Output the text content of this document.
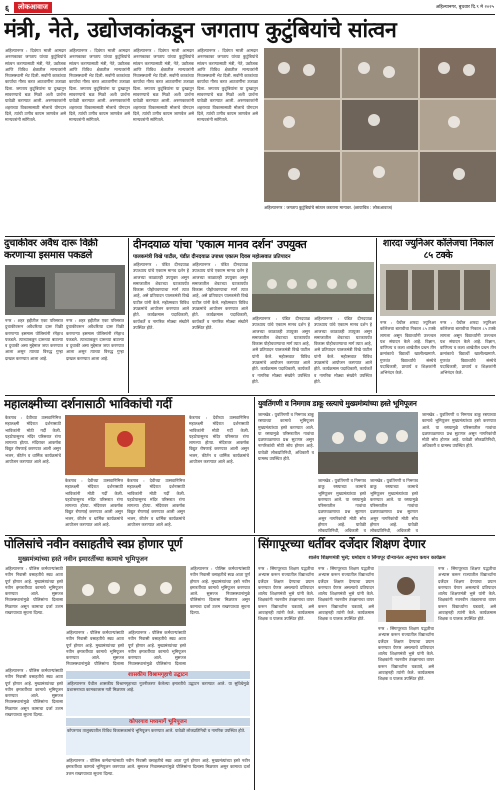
६	लोकआवाज	अहिल्यानगर, बुधवार दि.९ मे २०२५
मंत्री, नेते, उद्योजकांकडून जगताप कुटुंबियांचे सांत्वन

अहिल्यानगर : दिवंगत माजी आमदार अरुणकाका जगताप यांच्या कुटुंबियांचे सांत्वन करण्यासाठी मंत्री, नेते, उद्योजक आणि विविध क्षेत्रातील मान्यवरांनी निवासस्थानी भेट दिली. सर्वांनी काकांच्या कार्याचा गौरव करत आठवणींना उजाळा दिला. जगताप कुटुंबियांना या दुःखातून सावरण्याचे बळ मिळो अशी प्रार्थना यावेळी करण्यात आली. अरुणकाकांनी शहराच्या विकासासाठी मोलाचे योगदान दिले, त्यांची उणीव कायम जाणवेल असे मान्यवरांनी सांगितले.

अहिल्यानगर : दिवंगत माजी आमदार अरुणकाका जगताप यांच्या कुटुंबियांचे सांत्वन करण्यासाठी मंत्री, नेते, उद्योजक आणि विविध क्षेत्रातील मान्यवरांनी निवासस्थानी भेट दिली. सर्वांनी काकांच्या कार्याचा गौरव करत आठवणींना उजाळा दिला. जगताप कुटुंबियांना या दुःखातून सावरण्याचे बळ मिळो अशी प्रार्थना यावेळी करण्यात आली. अरुणकाकांनी शहराच्या विकासासाठी मोलाचे योगदान दिले, त्यांची उणीव कायम जाणवेल असे मान्यवरांनी सांगितले.

अहिल्यानगर : दिवंगत माजी आमदार अरुणकाका जगताप यांच्या कुटुंबियांचे सांत्वन करण्यासाठी मंत्री, नेते, उद्योजक आणि विविध क्षेत्रातील मान्यवरांनी निवासस्थानी भेट दिली. सर्वांनी काकांच्या कार्याचा गौरव करत आठवणींना उजाळा दिला. जगताप कुटुंबियांना या दुःखातून सावरण्याचे बळ मिळो अशी प्रार्थना यावेळी करण्यात आली. अरुणकाकांनी शहराच्या विकासासाठी मोलाचे योगदान दिले, त्यांची उणीव कायम जाणवेल असे मान्यवरांनी सांगितले.

अहिल्यानगर : दिवंगत माजी आमदार अरुणकाका जगताप यांच्या कुटुंबियांचे सांत्वन करण्यासाठी मंत्री, नेते, उद्योजक आणि विविध क्षेत्रातील मान्यवरांनी निवासस्थानी भेट दिली. सर्वांनी काकांच्या कार्याचा गौरव करत आठवणींना उजाळा दिला. जगताप कुटुंबियांना या दुःखातून सावरण्याचे बळ मिळो अशी प्रार्थना यावेळी करण्यात आली. अरुणकाकांनी शहराच्या विकासासाठी मोलाचे योगदान दिले, त्यांची उणीव कायम जाणवेल असे मान्यवरांनी सांगितले.

अहिल्यानगर : जगताप कुटुंबियांचे सांत्वन करताना मान्यवर. (छायाचित्र : लोकआवाज)
दुचाकीवर अवैध दारू विक्री करणाऱ्या इसमास पकडले

नगर : शहर हद्दीतील एका परिसरात दुचाकीवरून अवैधरित्या दारू विक्री करणाऱ्या इसमास पोलिसांनी रंगेहाथ पकडले. त्याच्याकडून दारूच्या बाटल्या व दुचाकी असा मुद्देमाल जप्त करण्यात आला असून त्याच्या विरुद्ध गुन्हा दाखल करण्यात आला आहे.

नगर : शहर हद्दीतील एका परिसरात दुचाकीवरून अवैधरित्या दारू विक्री करणाऱ्या इसमास पोलिसांनी रंगेहाथ पकडले. त्याच्याकडून दारूच्या बाटल्या व दुचाकी असा मुद्देमाल जप्त करण्यात आला असून त्याच्या विरुद्ध गुन्हा दाखल करण्यात आला आहे.

दीनदयाळ यांचा 'एकात्म मानव दर्शन' उपयुक्त
पालकमंत्री विखे पाटील, पंडीत दीनदयाळ उपाध्य एकात्म दिवस महोत्सवात प्रतिपादन

अहिल्यानगर : पंडित दीनदयाळ उपाध्याय यांचे एकात्म मानव दर्शन हे आजच्या काळातही उपयुक्त असून समाजातील शेवटच्या घटकापर्यंत विकास पोहोचवण्याचा मार्ग त्यात आहे, असे प्रतिपादन पालकमंत्री विखे पाटील यांनी केले. महोत्सवात विविध उपक्रमांचे आयोजन करण्यात आले होते. कार्यक्रमास पदाधिकारी, कार्यकर्ते व नागरिक मोठ्या संख्येने उपस्थित होते.

अहिल्यानगर : पंडित दीनदयाळ उपाध्याय यांचे एकात्म मानव दर्शन हे आजच्या काळातही उपयुक्त असून समाजातील शेवटच्या घटकापर्यंत विकास पोहोचवण्याचा मार्ग त्यात आहे, असे प्रतिपादन पालकमंत्री विखे पाटील यांनी केले. महोत्सवात विविध उपक्रमांचे आयोजन करण्यात आले होते. कार्यक्रमास पदाधिकारी, कार्यकर्ते व नागरिक मोठ्या संख्येने उपस्थित होते.

अहिल्यानगर : पंडित दीनदयाळ उपाध्याय यांचे एकात्म मानव दर्शन हे आजच्या काळातही उपयुक्त असून समाजातील शेवटच्या घटकापर्यंत विकास पोहोचवण्याचा मार्ग त्यात आहे, असे प्रतिपादन पालकमंत्री विखे पाटील यांनी केले. महोत्सवात विविध उपक्रमांचे आयोजन करण्यात आले होते. कार्यक्रमास पदाधिकारी, कार्यकर्ते व नागरिक मोठ्या संख्येने उपस्थित होते.

अहिल्यानगर : पंडित दीनदयाळ उपाध्याय यांचे एकात्म मानव दर्शन हे आजच्या काळातही उपयुक्त असून समाजातील शेवटच्या घटकापर्यंत विकास पोहोचवण्याचा मार्ग त्यात आहे, असे प्रतिपादन पालकमंत्री विखे पाटील यांनी केले. महोत्सवात विविध उपक्रमांचे आयोजन करण्यात आले होते. कार्यक्रमास पदाधिकारी, कार्यकर्ते व नागरिक मोठ्या संख्येने उपस्थित होते.

शारदा ज्युनिअर कॉलेजचा निकाल ८५ टक्के

नगर : येथील शारदा ज्युनिअर कॉलेजचा बारावीचा निकाल ८५ टक्के लागला असून विद्यार्थ्यांनी उज्ज्वल यश संपादन केले आहे. विज्ञान, वाणिज्य व कला शाखेतील प्रथम तीन क्रमांकाचे विद्यार्थी खालीलप्रमाणे. गुणवंत विद्यार्थ्यांचे संस्थेचे पदाधिकारी, प्राचार्य व शिक्षकांनी अभिनंदन केले.

नगर : येथील शारदा ज्युनिअर कॉलेजचा बारावीचा निकाल ८५ टक्के लागला असून विद्यार्थ्यांनी उज्ज्वल यश संपादन केले आहे. विज्ञान, वाणिज्य व कला शाखेतील प्रथम तीन क्रमांकाचे विद्यार्थी खालीलप्रमाणे. गुणवंत विद्यार्थ्यांचे संस्थेचे पदाधिकारी, प्राचार्य व शिक्षकांनी अभिनंदन केले.

महालक्ष्मीच्या दर्शनासाठी भाविकांची गर्दी

केडगाव : देवीच्या उत्सवानिमित्त महालक्ष्मी मंदिरात दर्शनासाठी भाविकांनी मोठी गर्दी केली. पहाटेपासूनच मंदिर परिसरात रांगा लागल्या होत्या. मंदिरावर आकर्षक विद्युत रोषणाई करण्यात आली असून भजन, कीर्तन व धार्मिक कार्यक्रमांचे आयोजन करण्यात आले आहे.

केडगाव : देवीच्या उत्सवानिमित्त महालक्ष्मी मंदिरात दर्शनासाठी भाविकांनी मोठी गर्दी केली. पहाटेपासूनच मंदिर परिसरात रांगा लागल्या होत्या. मंदिरावर आकर्षक विद्युत रोषणाई करण्यात आली असून भजन, कीर्तन व धार्मिक कार्यक्रमांचे आयोजन करण्यात आले आहे.

केडगाव : देवीच्या उत्सवानिमित्त महालक्ष्मी मंदिरात दर्शनासाठी भाविकांनी मोठी गर्दी केली. पहाटेपासूनच मंदिर परिसरात रांगा लागल्या होत्या. मंदिरावर आकर्षक विद्युत रोषणाई करण्यात आली असून भजन, कीर्तन व धार्मिक कार्यक्रमांचे आयोजन करण्यात आले आहे.

केडगाव : देवीच्या उत्सवानिमित्त महालक्ष्मी मंदिरात दर्शनासाठी भाविकांनी मोठी गर्दी केली. पहाटेपासूनच मंदिर परिसरात रांगा लागल्या होत्या. मंदिरावर आकर्षक विद्युत रोषणाई करण्यात आली असून भजन, कीर्तन व धार्मिक कार्यक्रमांचे आयोजन करण्यात आले आहे.

युवतिंगणी व निमगाव डाकू रस्त्याचे मुख्यमंत्र्यांच्या हस्ते भूमिपूजन

जामखेड : युवतिंगणी व निमगाव डाकू रस्त्याच्या कामाचे भूमिपूजन मुख्यमंत्र्यांच्या हस्ते करण्यात आले. या रस्त्यामुळे परिसरातील गावांचा दळणवळणाचा प्रश्न सुटणार असून नागरिकांची मोठी सोय होणार आहे. यावेळी लोकप्रतिनिधी, अधिकारी व ग्रामस्थ उपस्थित होते.

जामखेड : युवतिंगणी व निमगाव डाकू रस्त्याच्या कामाचे भूमिपूजन मुख्यमंत्र्यांच्या हस्ते करण्यात आले. या रस्त्यामुळे परिसरातील गावांचा दळणवळणाचा प्रश्न सुटणार असून नागरिकांची मोठी सोय होणार आहे. यावेळी लोकप्रतिनिधी, अधिकारी व

जामखेड : युवतिंगणी व निमगाव डाकू रस्त्याच्या कामाचे भूमिपूजन मुख्यमंत्र्यांच्या हस्ते करण्यात आले. या रस्त्यामुळे परिसरातील गावांचा दळणवळणाचा प्रश्न सुटणार असून नागरिकांची मोठी सोय होणार आहे. यावेळी लोकप्रतिनिधी, अधिकारी व

जामखेड : युवतिंगणी व निमगाव डाकू रस्त्याच्या कामाचे भूमिपूजन मुख्यमंत्र्यांच्या हस्ते करण्यात आले. या रस्त्यामुळे परिसरातील गावांचा दळणवळणाचा प्रश्न सुटणार असून नागरिकांची मोठी सोय होणार आहे. यावेळी लोकप्रतिनिधी, अधिकारी व ग्रामस्थ उपस्थित होते.

पोलिसांचे नवीन वसाहतीचे स्वप्न होणार पूर्ण
मुख्यमंत्र्यांच्या हस्ते नवीन इमारतींच्या कामाचे भूमिपूजन

अहिल्यानगर : पोलिस कर्मचाऱ्यांसाठी नवीन निवासी वसाहतीचे स्वप्न आता पूर्ण होणार आहे. मुख्यमंत्र्यांच्या हस्ते नवीन इमारतींच्या कामाचे भूमिपूजन करण्यात आले. सुसज्ज निवासस्थानांमुळे पोलिसांना दिलासा मिळणार असून कामाचा दर्जा उत्तम राखण्याच्या सूचना दिल्या.

अहिल्यानगर : पोलिस कर्मचाऱ्यांसाठी नवीन निवासी वसाहतीचे स्वप्न आता पूर्ण होणार आहे. मुख्यमंत्र्यांच्या हस्ते नवीन इमारतींच्या कामाचे भूमिपूजन करण्यात आले. सुसज्ज निवासस्थानांमुळे पोलिसांना दिलासा

अहिल्यानगर : पोलिस कर्मचाऱ्यांसाठी नवीन निवासी वसाहतीचे स्वप्न आता पूर्ण होणार आहे. मुख्यमंत्र्यांच्या हस्ते नवीन इमारतींच्या कामाचे भूमिपूजन करण्यात आले. सुसज्ज निवासस्थानांमुळे पोलिसांना दिलासा

अहिल्यानगर : पोलिस कर्मचाऱ्यांसाठी नवीन निवासी वसाहतीचे स्वप्न आता पूर्ण होणार आहे. मुख्यमंत्र्यांच्या हस्ते नवीन इमारतींच्या कामाचे भूमिपूजन करण्यात आले. सुसज्ज निवासस्थानांमुळे पोलिसांना दिलासा मिळणार असून कामाचा दर्जा उत्तम राखण्याच्या सूचना दिल्या.

शासकीय विश्रामगृहाचे उद्घाटन

अहिल्यानगर येथील शासकीय विश्रामगृहाच्या नूतनीकरण केलेल्या इमारतीचे उद्घाटन करण्यात आले. या सुविधेमुळे प्रशासनाच्या कामकाजास गती मिळणार आहे.

कोपरगाव मध्यमार्गे भूमिपूजन

कोपरगाव तालुक्यातील विविध विकासकामांचे भूमिपूजन करण्यात आले. यावेळी लोकप्रतिनिधी व नागरिक उपस्थित होते.

अहिल्यानगर : पोलिस कर्मचाऱ्यांसाठी नवीन निवासी वसाहतीचे स्वप्न आता पूर्ण होणार आहे. मुख्यमंत्र्यांच्या हस्ते नवीन इमारतींच्या कामाचे भूमिपूजन करण्यात आले. सुसज्ज निवासस्थानांमुळे पोलिसांना दिलासा मिळणार असून कामाचा दर्जा उत्तम राखण्याच्या सूचना दिल्या.

अहिल्यानगर : पोलिस कर्मचाऱ्यांसाठी नवीन निवासी वसाहतीचे स्वप्न आता पूर्ण होणार आहे. मुख्यमंत्र्यांच्या हस्ते नवीन इमारतींच्या कामाचे भूमिपूजन करण्यात आले. सुसज्ज निवासस्थानांमुळे पोलिसांना दिलासा मिळणार असून कामाचा दर्जा उत्तम राखण्याच्या सूचना दिल्या.

सिंगापूरच्या धर्तीवर दर्जेदार शिक्षण देणार
शालेय शिक्षणमंत्री भुसे; धर्मादाय व सिंगापूर दौऱ्यानंतर अनुभव कथन कार्यक्रम

नगर : सिंगापूरच्या शिक्षण पद्धतीचा अभ्यास करून राज्यातील विद्यार्थ्यांना दर्जेदार शिक्षण देण्याचा प्रयत्न करण्यात येणार असल्याचे प्रतिपादन शालेय शिक्षणमंत्री भुसे यांनी केले. शिक्षकांनी नवनवीन तंत्रज्ञानाचा वापर करून विद्यार्थ्यांना घडवावे, असे आवाहनही त्यांनी केले. कार्यक्रमास शिक्षक व पालक उपस्थित होते.

नगर : सिंगापूरच्या शिक्षण पद्धतीचा अभ्यास करून राज्यातील विद्यार्थ्यांना दर्जेदार शिक्षण देण्याचा प्रयत्न करण्यात येणार असल्याचे प्रतिपादन शालेय शिक्षणमंत्री भुसे यांनी केले. शिक्षकांनी नवनवीन तंत्रज्ञानाचा वापर करून विद्यार्थ्यांना घडवावे, असे आवाहनही त्यांनी केले. कार्यक्रमास शिक्षक व पालक उपस्थित होते.

नगर : सिंगापूरच्या शिक्षण पद्धतीचा अभ्यास करून राज्यातील विद्यार्थ्यांना दर्जेदार शिक्षण देण्याचा प्रयत्न करण्यात येणार असल्याचे प्रतिपादन शालेय शिक्षणमंत्री भुसे यांनी केले. शिक्षकांनी नवनवीन तंत्रज्ञानाचा वापर करून विद्यार्थ्यांना घडवावे, असे आवाहनही त्यांनी केले. कार्यक्रमास शिक्षक व पालक उपस्थित होते.

नगर : सिंगापूरच्या शिक्षण पद्धतीचा अभ्यास करून राज्यातील विद्यार्थ्यांना दर्जेदार शिक्षण देण्याचा प्रयत्न करण्यात येणार असल्याचे प्रतिपादन शालेय शिक्षणमंत्री भुसे यांनी केले. शिक्षकांनी नवनवीन तंत्रज्ञानाचा वापर करून विद्यार्थ्यांना घडवावे, असे आवाहनही त्यांनी केले. कार्यक्रमास शिक्षक व पालक उपस्थित होते.
